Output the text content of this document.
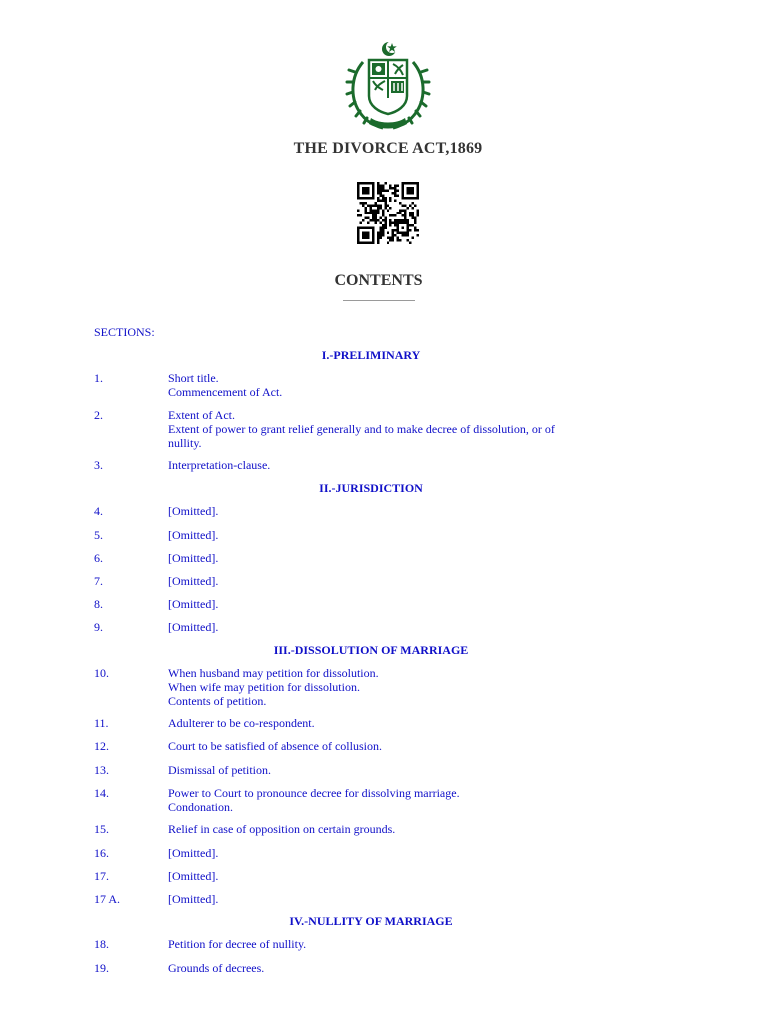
THE DIVORCE ACT,1869
CONTENTS
SECTIONS:
I.-PRELIMINARY
1.	Short title.
Commencement of Act.
2.	Extent of Act.
Extent of power to grant relief generally and to make decree of dissolution, or of nullity.
3.	Interpretation-clause.
II.-JURISDICTION
4.	[Omitted].
5.	[Omitted].
6.	[Omitted].
7.	[Omitted].
8.	[Omitted].
9.	[Omitted].
III.-DISSOLUTION OF MARRIAGE
10.	When husband may petition for dissolution.
When wife may petition for dissolution.
Contents of petition.
11.	Adulterer to be co-respondent.
12.	Court to be satisfied of absence of collusion.
13.	Dismissal of petition.
14.	Power to Court to pronounce decree for dissolving marriage.
Condonation.
15.	Relief in case of opposition on certain grounds.
16.	[Omitted].
17.	[Omitted].
17 A.	[Omitted].
IV.-NULLITY OF MARRIAGE
18.	Petition for decree of nullity.
19.	Grounds of decrees.
